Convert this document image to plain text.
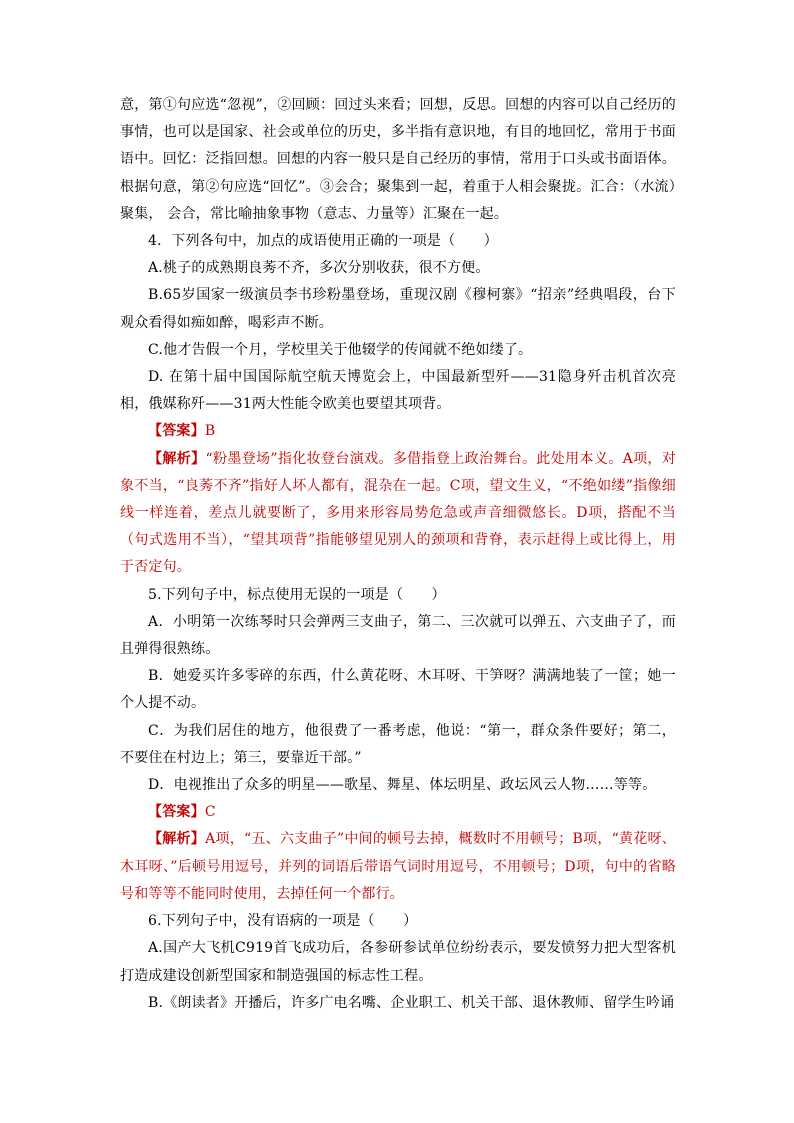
意，第①句应选“忽视”，②回顾：回过头来看；回想，反思。回想的内容可以自己经历的事情，也可以是国家、社会或单位的历史，多半指有意识地，有目的地回忆，常用于书面语中。回忆：泛指回想。回想的内容一般只是自己经历的事情，常用于口头或书面语体。根据句意，第②句应选“回忆”。③会合；聚集到一起，着重于人相会聚拢。汇合：（水流）聚集， 会合，常比喻抽象事物（意志、力量等）汇聚在一起。

4．下列各句中，加点的成语使用正确的一项是（　　）

A.桃子的成熟期良莠不齐，多次分别收获，很不方便。

B.65岁国家一级演员李书珍粉墨登场，重现汉剧《穆柯寨》“招亲”经典唱段，台下观众看得如痴如醉，喝彩声不断。

C.他才告假一个月，学校里关于他辍学的传闻就不绝如缕了。

D. 在第十届中国国际航空航天博览会上，中国最新型歼——31隐身歼击机首次亮相，俄媒称歼——31两大性能令欧美也要望其项背。

【答案】B

【解析】“粉墨登场”指化妆登台演戏。多借指登上政治舞台。此处用本义。A项，对象不当，“良莠不齐”指好人坏人都有，混杂在一起。C项，望文生义，“不绝如缕”指像细线一样连着，差点儿就要断了，多用来形容局势危急或声音细微悠长。D项，搭配不当（句式选用不当），“望其项背”指能够望见别人的颈项和背脊，表示赶得上或比得上，用于否定句。

5.下列句子中，标点使用无误的一项是（　　）

A．小明第一次练琴时只会弹两三支曲子，第二、三次就可以弹五、六支曲子了，而且弹得很熟练。

B．她爱买许多零碎的东西，什么黄花呀、木耳呀、干笋呀？满满地装了一筐；她一个人提不动。

C．为我们居住的地方，他很费了一番考虑，他说：“第一，群众条件要好；第二，不要住在村边上；第三，要靠近干部。”

D．电视推出了众多的明星——歌星、舞星、体坛明星、政坛风云人物……等等。

【答案】C

【解析】A项，“五、六支曲子”中间的顿号去掉，概数时不用顿号；B项，“黄花呀、木耳呀、”后顿号用逗号，并列的词语后带语气词时用逗号，不用顿号；D项，句中的省略号和等等不能同时使用，去掉任何一个都行。

6.下列句子中，没有语病的一项是（　　）

A.国产大飞机C919首飞成功后，各参研参试单位纷纷表示，要发愤努力把大型客机打造成建设创新型国家和制造强国的标志性工程。

B.《朗读者》开播后，许多广电名嘴、企业职工、机关干部、退休教师、留学生吟诵
